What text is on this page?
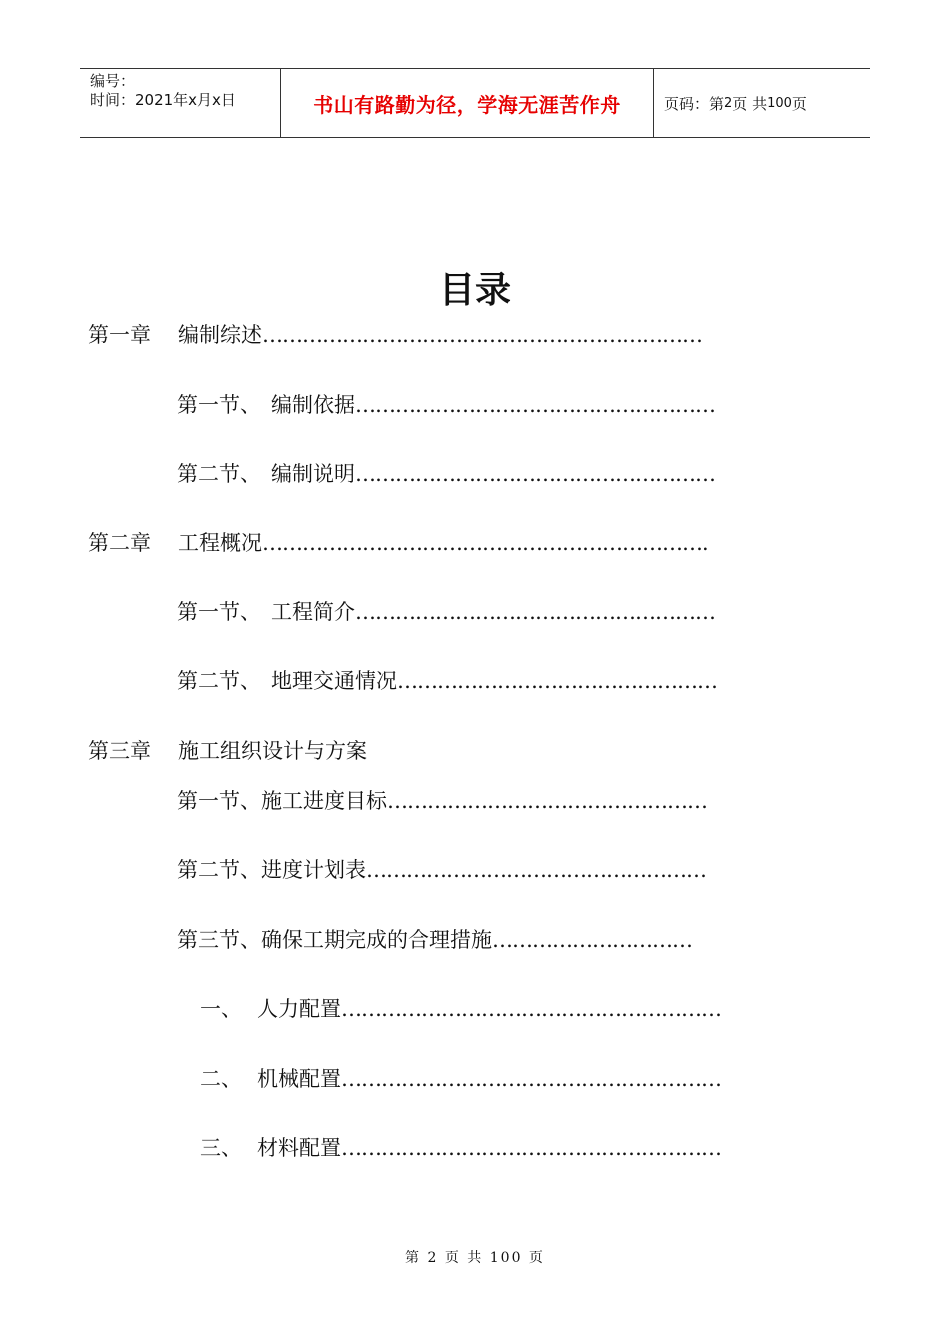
编号：
时间：2021年x月x日	书山有路勤为径，学海无涯苦作舟	页码：第 2 页 共 100 页
目录
第一章	编制综述 …………………………………………………………
第一节、 编制依据 ………………………………………………
第二节、 编制说明 ………………………………………………
第二章	工程概况 ………………………………………………………….
第一节、 工程简介 ………………………………………………
第二节、 地理交通情况 …………………………………………
第三章	施工组织设计与方案
第一节、 施工进度目标 …………………………………………
第二节、 进度计划表 ……………………………………………
第三节、 确保工期完成的合理措施 …………………………
一、 人力配置 …………………………………………………
二、 机械配置 …………………………………………………
三、 材料配置 …………………………………………………
第 2 页 共 100 页
